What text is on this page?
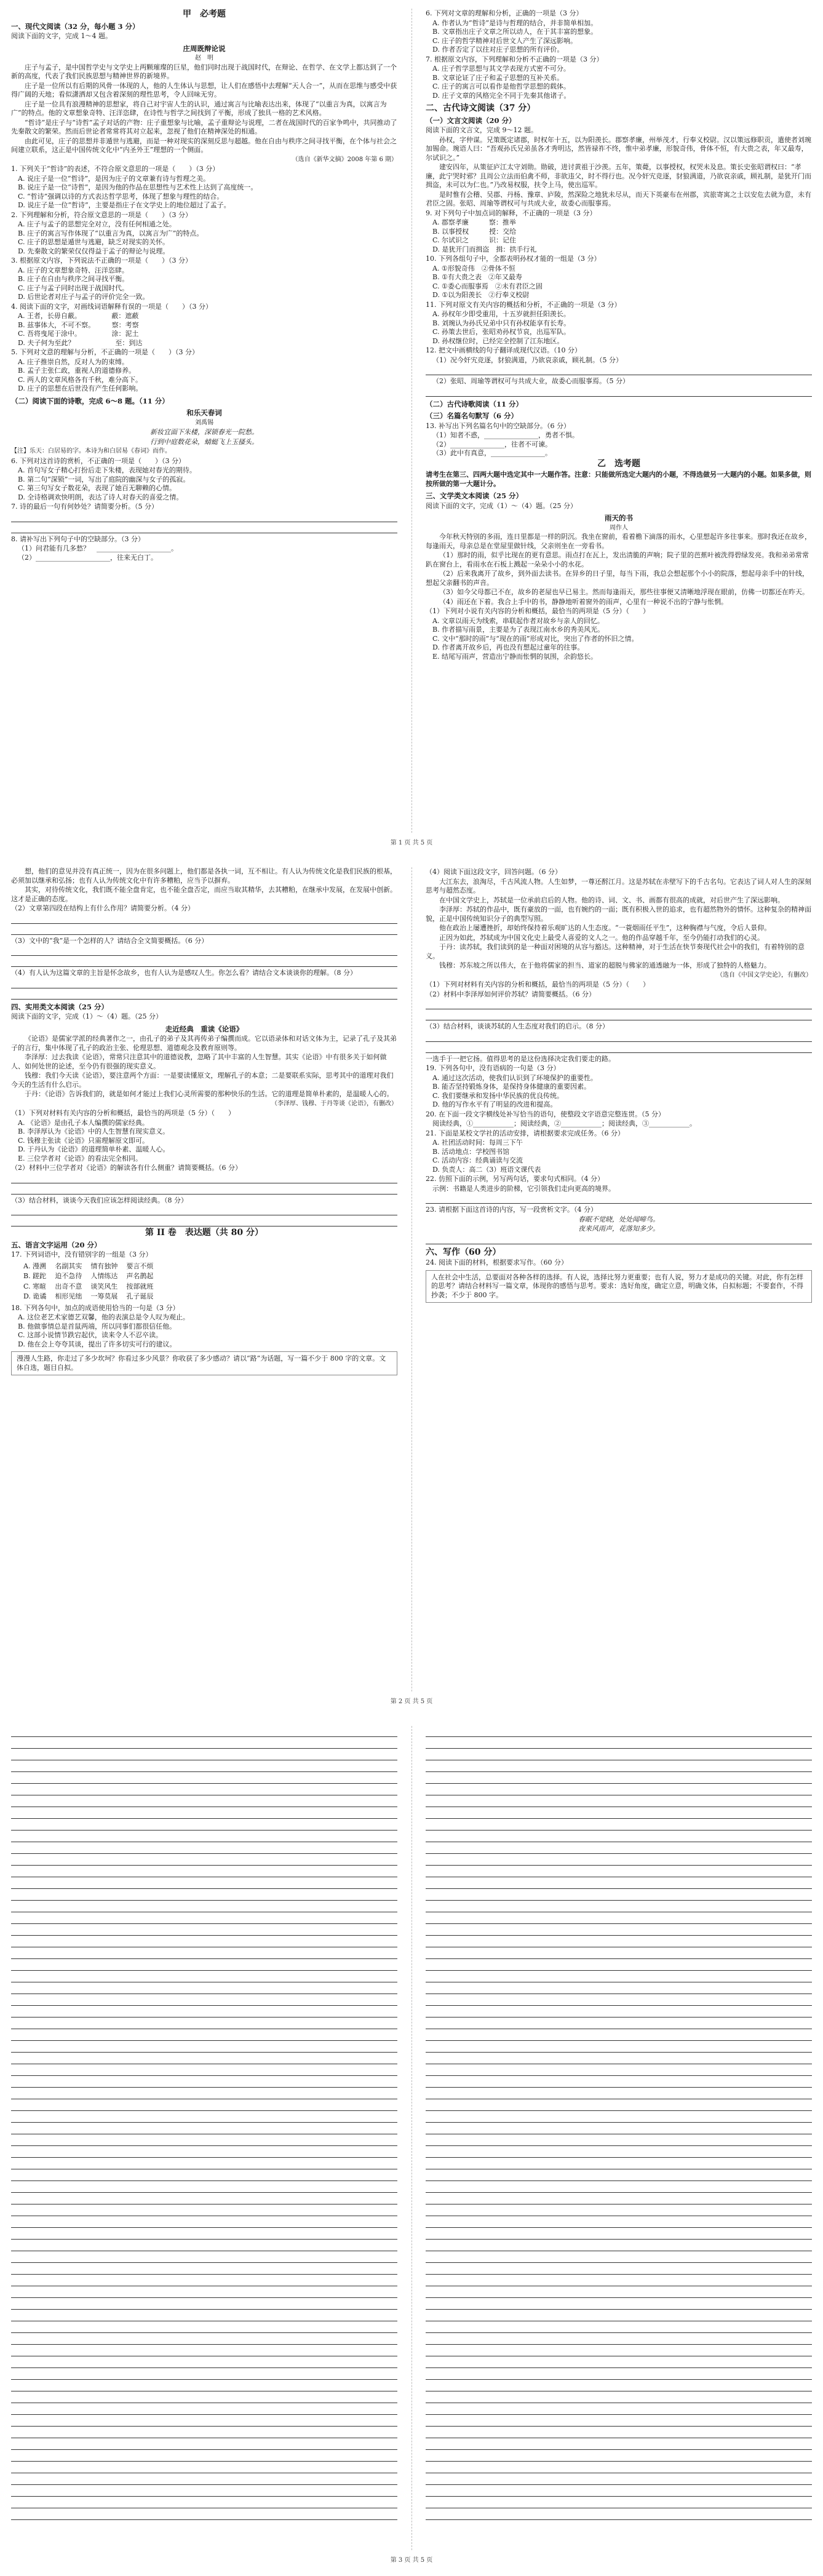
甲　必考题
一、现代文阅读（32 分，每小题 3 分）
阅读下面的文字，完成 1～4 题。
庄周既辩论说
赵　明
庄子与孟子，是中国哲学史与文学史上两颗璀璨的巨星，他们同时出现于战国时代，在辩论、在哲学、在文学上都达到了一个新的高度，代表了我们民族思想与精神世界的新境界。
庄子是一位所以有后期的风骨一体现的人，他的人生体认与思想，让人们在感悟中去理解“天人合一”，从而在思维与感受中获得广阔的天地；看似潇洒却又包含着深刻的理性思考，令人回味无穷。
庄子是一位具有浪漫精神的思想家，将自己对宇宙人生的认识，通过寓言与比喻表达出来，体现了“以重言为真，以寓言为广”的特点。他的文章想象奇特、汪洋恣肆，在诗性与哲学之间找到了平衡，形成了独具一格的艺术风格。
“哲诗”是庄子与“诗哲”孟子对话的产物：庄子重想象与比喻，孟子重辩论与说理，二者在战国时代的百家争鸣中，共同推动了先秦散文的繁荣。然而后世论者常常将其对立起来，忽视了他们在精神深处的相通。
由此可见，庄子的思想并非遁世与逃避，而是一种对现实的深刻反思与超越。他在自由与秩序之间寻找平衡，在个体与社会之间建立联系，这正是中国传统文化中“内圣外王”理想的一个侧面。
（选自《新华文摘》2008 年第 6 期）
1. 下列关于“哲诗”的表述，不符合原文意思的一项是（　　）（3 分）
A. 说庄子是一位“哲诗”，是因为庄子的文章兼有诗与哲理之美。
B. 说庄子是一位“诗哲”，是因为他的作品在思想性与艺术性上达到了高度统一。
C. “哲诗”强调以诗的方式表达哲学思考，体现了想象与理性的结合。
D. 说庄子是一位“哲诗”，主要是指庄子在文学史上的地位超过了孟子。
2. 下列理解和分析，符合原文意思的一项是（　　）（3 分）
A. 庄子与孟子的思想完全对立，没有任何相通之处。
B. 庄子的寓言写作体现了“以重言为真，以寓言为广”的特点。
C. 庄子的思想是遁世与逃避，缺乏对现实的关怀。
D. 先秦散文的繁荣仅仅得益于孟子的辩论与说理。
3. 根据原文内容，下列说法不正确的一项是（　　）（3 分）
A. 庄子的文章想象奇特、汪洋恣肆。
B. 庄子在自由与秩序之间寻找平衡。
C. 庄子与孟子同时出现于战国时代。
D. 后世论者对庄子与孟子的评价完全一致。
4. 阅读下面的文字，对画线词语解释有误的一项是（　　）（3 分）
A. 王者，长毋自蔽。　　　　　蔽：遮蔽
B. 兹事体大，不可不察。　　　察：考察
C. 吾将曳尾于涂中。　　　　　涂：泥土
D. 夫子何为至此？　　　　　　至：到达
5. 下列对文意的理解与分析，不正确的一项是（　　）（3 分）
A. 庄子推崇自然，反对人为的束缚。
B. 孟子主张仁政，重视人的道德修养。
C. 两人的文章风格各有千秋，难分高下。
D. 庄子的思想在后世没有产生任何影响。
（二）阅读下面的诗歌，完成 6～8 题。（11 分）
和乐天春词
刘禹锡
新妆宜面下朱楼，深锁春光一院愁。
行到中庭数花朵，蜻蜓飞上玉搔头。
【注】乐天：白居易的字。本诗为和白居易《春词》而作。
6. 下列对这首诗的赏析，不正确的一项是（　　）（3 分）
A. 首句写女子精心打扮后走下朱楼，表现她对春光的期待。
B. 第二句“深锁”一词，写出了庭院的幽深与女子的孤寂。
C. 第三句写女子数花朵，表现了她百无聊赖的心情。
D. 全诗格调欢快明朗，表达了诗人对春天的喜爱之情。
7. 诗的最后一句有何妙处？请简要分析。（5 分）
8. 请补写出下列句子中的空缺部分。（3 分）
（1）问君能有几多愁？　______________________。
（2）______________________，往来无白丁。
6. 下列对文章的理解和分析，正确的一项是（3 分）
A. 作者认为“哲诗”是诗与哲理的结合，并非简单相加。
B. 文章指出庄子文章之所以动人，在于其丰富的想象。
C. 庄子的哲学精神对后世文人产生了深远影响。
D. 作者否定了以往对庄子思想的所有评价。
7. 根据原文内容，下列理解和分析不正确的一项是（3 分）
A. 庄子哲学思想与其文学表现方式密不可分。
B. 文章论证了庄子和孟子思想的互补关系。
C. 庄子的寓言可以看作是他哲学思想的载体。
D. 庄子文章的风格完全不同于先秦其他诸子。
二、古代诗文阅读（37 分）
（一）文言文阅读（20 分）
阅读下面的文言文，完成 9～12 题。
孙权，字仲谋。兄策既定诸郡，时权年十五，以为阳羡长。郡察孝廉，州举茂才，行奉义校尉。汉以策远修职贡，遣使者刘琬加锡命。琬语人曰：“吾观孙氏兄弟虽各才秀明达，然皆禄祚不终，惟中弟孝廉，形貌奇伟，骨体不恒，有大贵之表，年又最寿，尔试识之。”
建安四年，从策征庐江太守刘勋。勋破，进讨黄祖于沙羡。五年，策薨，以事授权，权哭未及息。策长史张昭谓权曰：“孝廉，此宁哭时邪？且周公立法而伯禽不师，非欲违父，时不得行也。况今奸宄竞逐，豺狼满道，乃欲哀亲戚，顾礼制，是犹开门而揖盗，未可以为仁也。”乃改易权服，扶令上马，使出巡军。
是时惟有会稽、吴郡、丹杨、豫章、庐陵，然深险之地犹未尽从，而天下英豪布在州郡，宾旅寄寓之士以安危去就为意，未有君臣之固。张昭、周瑜等谓权可与共成大业，故委心而服事焉。
9. 对下列句子中加点词的解释，不正确的一项是（3 分）
A. 郡察孝廉　　　察：推举
B. 以事授权　　　授：交给
C. 尔试识之　　　识：记住
D. 是犹开门而揖盗　揖：拱手行礼
10. 下列各组句子中，全都表明孙权才能的一组是（3 分）
A. ①形貌奇伟　②骨体不恒
B. ①有大贵之表　②年又最寿
C. ①委心而服事焉　②未有君臣之固
D. ①以为阳羡长　②行奉义校尉
11. 下列对原文有关内容的概括和分析，不正确的一项是（3 分）
A. 孙权年少即受重用，十五岁就担任阳羡长。
B. 刘琬认为孙氏兄弟中只有孙权能享有长寿。
C. 孙策去世后，张昭劝孙权节哀，出巡军队。
D. 孙权继位时，已经完全控制了江东地区。
12. 把文中画横线的句子翻译成现代汉语。（10 分）
（1）况今奸宄竞逐，豺狼满道，乃欲哀亲戚，顾礼制。（5 分）
（2）张昭、周瑜等谓权可与共成大业，故委心而服事焉。（5 分）
（二）古代诗歌阅读（11 分）
（三）名篇名句默写（6 分）
13. 补写出下列名篇名句中的空缺部分。（6 分）
（1）知者不惑，________________，勇者不惧。
（2）________________，往者不可谏。
（3）此中有真意，________________。
乙　选考题
请考生在第三、四两大题中选定其中一大题作答。注意：只能做所选定大题内的小题，不得选做另一大题内的小题。如果多做，则按所做的第一大题计分。
三、文学类文本阅读（25 分）
阅读下面的文字，完成（1）～（4）题。（25 分）
雨天的书
周作人
今年秋天特别的多雨，连日里都是一样的阴沉。我坐在窗前，看着檐下滴落的雨水，心里想起许多往事来。那时我还在故乡，每逢雨天，母亲总是在堂屋里做针线，父亲则坐在一旁看书。
（1）那时的雨，似乎比现在的更有意思。雨点打在瓦上，发出清脆的声响；院子里的芭蕉叶被洗得碧绿发亮。我和弟弟常常趴在窗台上，看雨水在石板上溅起一朵朵小小的水花。
（2）后来我离开了故乡，到外面去读书。在异乡的日子里，每当下雨，我总会想起那个小小的院落，想起母亲手中的针线，想起父亲翻书的声音。
（3）如今父母都已不在，故乡的老屋也早已易主。然而每逢雨天，那些往事便又清晰地浮现在眼前，仿佛一切都还在昨天。
（4）雨还在下着。我合上手中的书，静静地听着窗外的雨声，心里有一种说不出的宁静与怅惘。
（1）下列对小说有关内容的分析和概括，最恰当的两项是（5 分）（　　）
A. 文章以雨天为线索，串联起作者对故乡与亲人的回忆。
B. 作者描写雨景，主要是为了表现江南水乡的秀美风光。
C. 文中“那时的雨”与“现在的雨”形成对比，突出了作者的怀旧之情。
D. 作者离开故乡后，再也没有想起过童年的往事。
E. 结尾写雨声，营造出宁静而怅惘的氛围，余韵悠长。
第 1 页 共 5 页
想，他们的意见并没有真正统一，因为在很多问题上，他们都是各执一词，互不相让。有人认为传统文化是我们民族的根基，必须加以继承和弘扬；也有人认为传统文化中有许多糟粕，应当予以摒弃。
其实，对待传统文化，我们既不能全盘肯定，也不能全盘否定，而应当取其精华，去其糟粕，在继承中发展，在发展中创新。这才是正确的态度。
（2）文章第四段在结构上有什么作用？请简要分析。（4 分）
（3）文中的“我”是一个怎样的人？请结合全文简要概括。（6 分）
（4）有人认为这篇文章的主旨是怀念故乡，也有人认为是感叹人生。你怎么看？请结合文本谈谈你的理解。（8 分）
四、实用类文本阅读（25 分）
阅读下面的文字，完成（1）～（4）题。（25 分）
走近经典　重读《论语》
《论语》是儒家学派的经典著作之一，由孔子的弟子及其再传弟子编撰而成。它以语录体和对话文体为主，记录了孔子及其弟子的言行，集中体现了孔子的政治主张、伦理思想、道德观念及教育原则等。
李泽厚：过去我读《论语》，常常只注意其中的道德说教，忽略了其中丰富的人生智慧。其实《论语》中有很多关于如何做人、如何处世的论述，至今仍有很强的现实意义。
钱穆：我们今天读《论语》，要注意两个方面：一是要读懂原文，理解孔子的本意；二是要联系实际，思考其中的道理对我们今天的生活有什么启示。
于丹：《论语》告诉我们的，就是如何才能过上我们心灵所需要的那种快乐的生活。它的道理是简单朴素的，是温暖人心的。
（李泽厚、钱穆、于丹等谈《论语》，有删改）
（1）下列对材料有关内容的分析和概括，最恰当的两项是（5 分）（　　）
A. 《论语》是由孔子本人编撰的儒家经典。
B. 李泽厚认为《论语》中的人生智慧有现实意义。
C. 钱穆主张读《论语》只需理解原文即可。
D. 于丹认为《论语》的道理简单朴素、温暖人心。
E. 三位学者对《论语》的看法完全相同。
（2）材料中三位学者对《论语》的解读各有什么侧重？请简要概括。（6 分）
（3）结合材料，谈谈今天我们应该怎样阅读经典。（8 分）
第 II 卷　表达题（共 80 分）
五、语言文字运用（20 分）
17. 下列词语中，没有错别字的一组是（3 分）
A. 漫溯	名副其实	情有独钟	要言不烦
B. 蹉跎	迫不急待	人情练达	声名鹊起
C. 寒暄	出奇不意	谈笑风生	按部就班
D. 诡谲	相形见绌	一筹莫展	孔子诞辰
18. 下列各句中，加点的成语使用恰当的一句是（3 分）
A. 这位老艺术家德艺双馨，他的表演总是令人叹为观止。
B. 他做事情总是首鼠两端，所以同事们都很信任他。
C. 这部小说情节跌宕起伏，读来令人不忍卒读。
D. 他在会上夸夸其谈，提出了许多切实可行的建议。
漫漫人生路，你走过了多少坎坷？你看过多少风景？你收获了多少感动？请以“路”为话题，写一篇不少于 800 字的文章。文体自选，题目自拟。
（4）阅读下面这段文字，回答问题。（6 分）
大江东去，浪淘尽，千古风流人物。人生如梦，一尊还酹江月。这是苏轼在赤壁写下的千古名句。它表达了词人对人生的深刻思考与超然态度。
在中国文学史上，苏轼是一位承前启后的人物。他的诗、词、文、书、画都有很高的成就，对后世产生了深远影响。
李泽厚：苏轼的作品中，既有豪放的一面，也有婉约的一面；既有积极入世的追求，也有超然物外的情怀。这种复杂的精神面貌，正是中国传统知识分子的典型写照。
他在政治上屡遭挫折，却始终保持着乐观旷达的人生态度。“一蓑烟雨任平生”，这种胸襟与气度，令后人景仰。
正因为如此，苏轼成为中国文化史上最受人喜爱的文人之一。他的作品穿越千年，至今仍能打动我们的心灵。
于丹：读苏轼，我们读到的是一种面对困境的从容与豁达。这种精神，对于生活在快节奏现代社会中的我们，有着特别的意义。
钱穆：苏东坡之所以伟大，在于他将儒家的担当、道家的超脱与佛家的通透融为一体，形成了独特的人格魅力。
（选自《中国文学史论》，有删改）
（1）下列对材料有关内容的分析和概括，最恰当的两项是（5 分）（　　）
（2）材料中李泽厚如何评价苏轼？请简要概括。（6 分）
（3）结合材料，谈谈苏轼的人生态度对我们的启示。（8 分）
一选手于一把它扬。值得思考的是这份选择决定我们要走的路。
19. 下列各句中，没有语病的一句是（3 分）
A. 通过这次活动，使我们认识到了环境保护的重要性。
B. 能否坚持锻炼身体，是保持身体健康的重要因素。
C. 我们要继承和发扬中华民族的优良传统。
D. 他的写作水平有了明显的改进和提高。
20. 在下面一段文字横线处补写恰当的语句，使整段文字语意完整连贯。（5 分）
阅读经典，①____________；阅读经典，②____________；阅读经典，③____________。
21. 下面是某校文学社的活动安排，请根据要求完成任务。（6 分）
A. 社团活动时间：每周三下午
B. 活动地点：学校图书馆
C. 活动内容：经典诵读与交流
D. 负责人：高二（3）班语文课代表
22. 仿照下面的示例，另写两句话，要求句式相同。（4 分）
示例：书籍是人类进步的阶梯，它引领我们走向更高的境界。
23. 请根据下面这首诗的内容，写一段赏析文字。（4 分）
春眠不觉晓，处处闻啼鸟。
夜来风雨声，花落知多少。
六、写作（60 分）
24. 阅读下面的材料，根据要求写作。（60 分）
人在社会中生活，总要面对各种各样的选择。有人说，选择比努力更重要；也有人说，努力才是成功的关键。对此，你有怎样的思考？请结合材料写一篇文章，体现你的感悟与思考。要求：选好角度，确定立意，明确文体，自拟标题；不要套作，不得抄袭；不少于 800 字。
第 2 页 共 5 页
第 3 页 共 5 页
